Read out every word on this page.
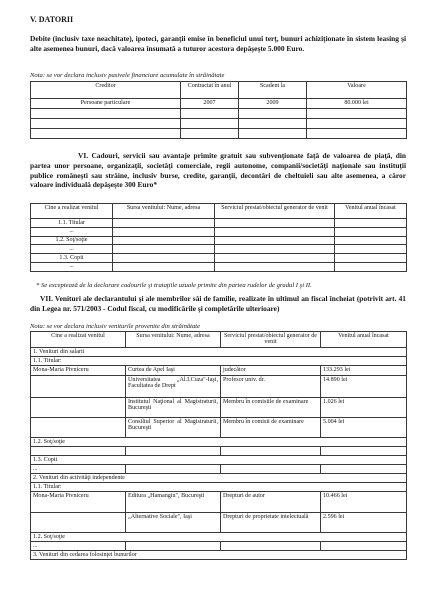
V. DATORII
Debite (inclusiv taxe neachitate), ipoteci, garanţii emise în beneficiul unui terţ, bunuri achiziţionate în sistem leasing şi alte asemenea bunuri, dacă valoarea însumată a tuturor acestora depăşeşte 5.000 Euro.
Nota: se vor declara inclusiv pasivele financiare acumulate în străinătate
Creditor	Contractat în anul	Scadent la	Valoare
Persoane particulare	2007	2009	80.000 lei

VI. Cadouri, servicii sau avantaje primite gratuit sau subvenţionate faţă de valoarea de piaţă, din partea unor persoane, organizaţii, societăţi comerciale, regii autonome, companii/societăţi naţionale sau instituţii publice româneşti sau străine, inclusiv burse, credite, garanţii, decontări de cheltuieli sau alte asemenea, a căror valoare individuală depăşeşte 300 Euro*
Cine a realizat venitul	Sursa venitului: Nume, adresa	Serviciul prestat/obiectul generator de venit	Venitul anual încasat
1.1. Titular			
...			
1.2. Soţ/soţie			
...			
1.3. Copii			
...			
* Se exceptează de la declarare cadourile şi trataţiile uzuale primite din partea rudelor de gradul I şi II.
VII. Venituri ale declarantului şi ale membrilor săi de familie, realizate în ultimul an fiscal încheiat (potrivit art. 41 din Legea nr. 571/2003 - Codul fiscal, cu modificările şi completările ulterioare)
Nota: se vor declara inclusiv veniturile provenite din străinătate
Cine a realizat venitul	Sursa venitului: Nume, adresa	Serviciul prestat/obiectul generator de venit	Venitul anual încasat
1. Venituri din salarii			
1.1. Titular:			
Mona-Maria Pivniceru	Curtea de Apel Iaşi	judecător	133.293 lei
	Universitatea „Al.I.Cuza"-Iaşi, Facultatea de Drept	Profesor univ. dr.	14.890 lei
	Institutul Naţional al Magistraturii, Bucureşti	Membru în comisiile de examinare	1.026 lei
	Consiliul Superior al Magistraturii, Bucureşti	Membru în comisii de examinare	5.004 lei
1.2. Soţ/soţie			

1.3. Copii			
...			
2. Venituri din activităţi independente			
1.1. Titular:			
Mona-Maria Pivniceru	Editura „Hamangiu", Bucureşti	Drepturi de autor	10.466 lei
	„Alternative Sociale", Iaşi	Drepturi de proprietate intelectuală	2.596 lei
1.2. Soţ/soţie			
...			
3. Venituri din cedarea folosinţei bunurilor			
